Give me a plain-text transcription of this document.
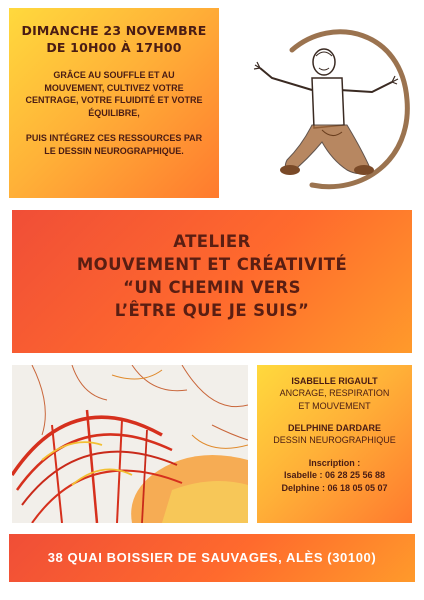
DIMANCHE 23 NOVEMBRE
DE 10H00 À 17H00
GRÂCE AU SOUFFLE ET AU
MOUVEMENT, CULTIVEZ VOTRE
CENTRAGE, VOTRE FLUIDITÉ ET VOTRE
ÉQUILIBRE,
PUIS INTÉGREZ CES RESSOURCES PAR
LE DESSIN NEUROGRAPHIQUE.
ATELIER
MOUVEMENT ET CRÉATIVITÉ
“UN CHEMIN VERS
L’ÊTRE QUE JE SUIS”
ISABELLE RIGAULT
ANCRAGE, RESPIRATION
ET MOUVEMENT
DELPHINE DARDARE
DESSIN NEUROGRAPHIQUE
Inscription :
Isabelle : 06 28 25 56 88
Delphine : 06 18 05 05 07
38 QUAI BOISSIER DE SAUVAGES, ALÈS (30100)
